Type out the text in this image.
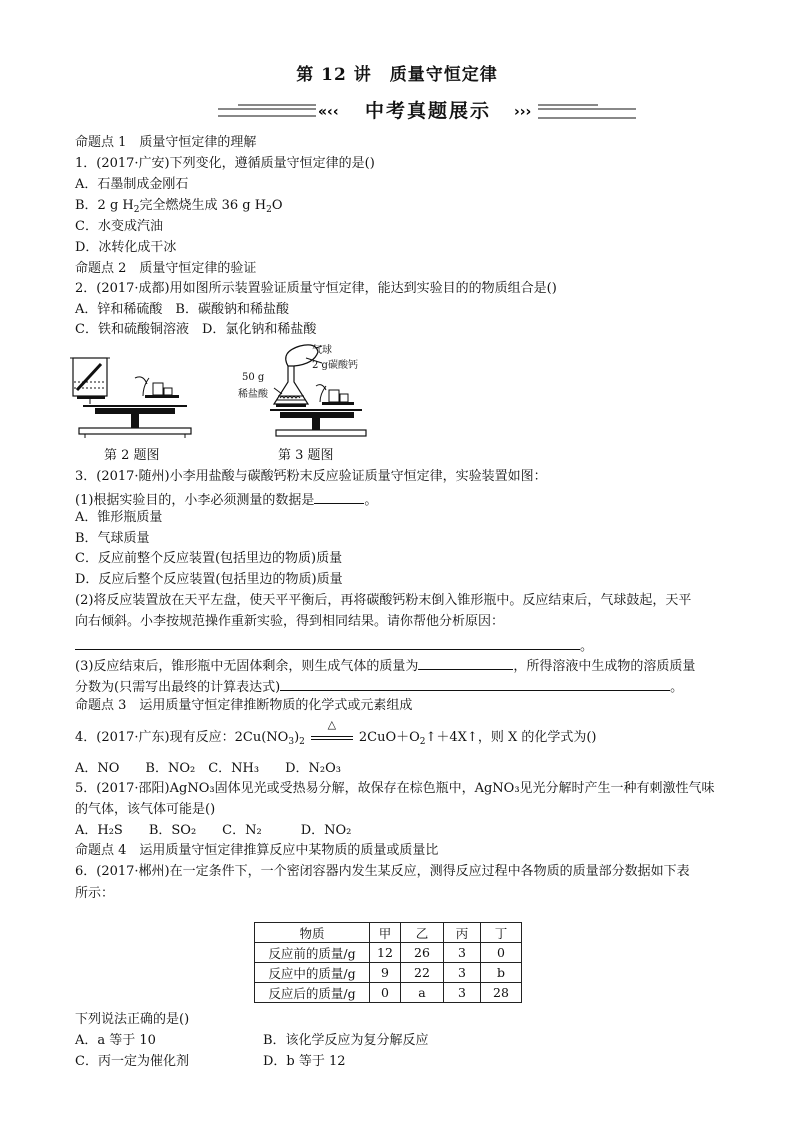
第 12 讲　质量守恒定律
«‹‹	›››
中考真题展示
命题点 1　质量守恒定律的理解
1．(2017·广安)下列变化，遵循质量守恒定律的是()
A．石墨制成金刚石
B．2 g $H_2$完全燃烧生成 36 g $H_2O$
C．水变成汽油
D．冰转化成干冰
命题点 2　质量守恒定律的验证
2．(2017·成都)用如图所示装置验证质量守恒定律，能达到实验目的的物质组合是()
A．锌和稀硫酸　B．碳酸钠和稀盐酸
C．铁和硫酸铜溶液　D．氯化钠和稀盐酸
第 2 题图
气球
2 g碳酸钙
50 g
稀盐酸
第 3 题图
3．(2017·随州)小李用盐酸与碳酸钙粉末反应验证质量守恒定律，实验装置如图：
(1)根据实验目的，小李必须测量的数据是	。
A．锥形瓶质量
B．气球质量
C．反应前整个反应装置(包括里边的物质)质量
D．反应后整个反应装置(包括里边的物质)质量
(2)将反应装置放在天平左盘，使天平平衡后，再将碳酸钙粉末倒入锥形瓶中。反应结束后，气球鼓起，天平
向右倾斜。小李按规范操作重新实验，得到相同结果。请你帮他分析原因：
。
(3)反应结束后，锥形瓶中无固体剩余，则生成气体的质量为	，所得溶液中生成物的溶质质量
分数为(只需写出最终的计算表达式)	。
命题点 3　运用质量守恒定律推断物质的化学式或元素组成
4．(2017·广东)现有反应：$2Cu(NO_3)_2$
△
$2CuO+O_2↑+4X↑$，则 X 的化学式为()
A．NO　　B．NO₂　C．NH₃　　D．N₂O₃
5．(2017·邵阳)AgNO₃固体见光或受热易分解，故保存在棕色瓶中，AgNO₃见光分解时产生一种有刺激性气味
的气体，该气体可能是()
A．H₂S　　B．SO₂　　C．N₂　　　D．NO₂
命题点 4　运用质量守恒定律推算反应中某物质的质量或质量比
6．(2017·郴州)在一定条件下，一个密闭容器内发生某反应，测得反应过程中各物质的质量部分数据如下表
所示：
物质	甲	乙	丙	丁
反应前的质量/g	12	26	3	0
反应中的质量/g	9	22	3	b
反应后的质量/g	0	a	3	28
下列说法正确的是()
A．a 等于 10	B．该化学反应为复分解反应
C．丙一定为催化剂	D．b 等于 12
